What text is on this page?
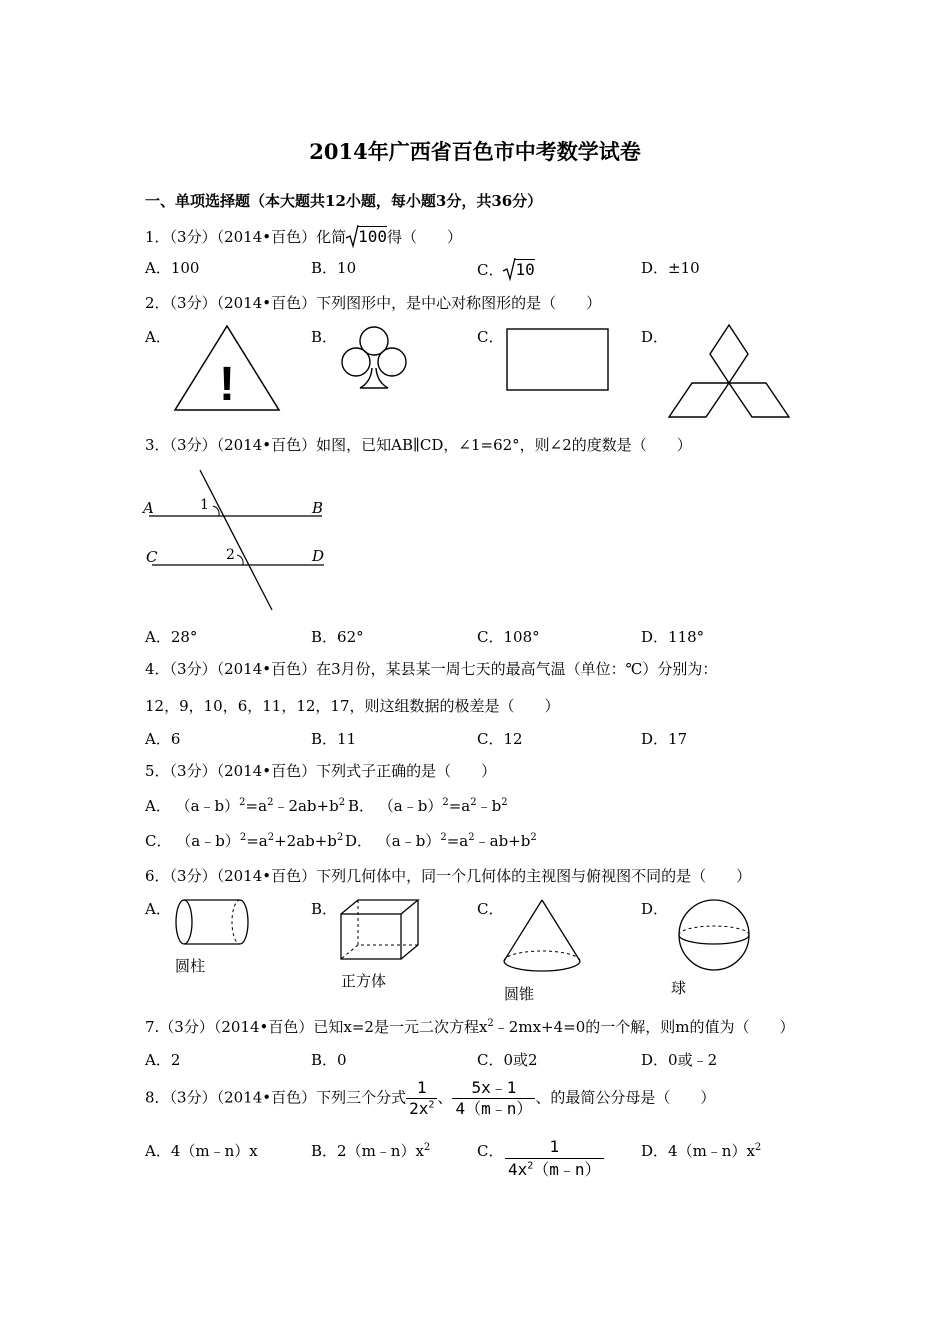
2014年广西省百色市中考数学试卷
一、单项选择题（本大题共12小题，每小题3分，共36分）
1．（3分）（2014•百色）化简 100得（　　）
A．100	B．10	C． 10	D．±10
2．（3分）（2014•百色）下列图形中，是中心对称图形的是（　　）
A．	B．	C．	D．
!
3．（3分）（2014•百色）如图，已知AB∥CD，∠1=62°，则∠2的度数是（　　）
A	B
C	D
1
2
A．28°	B．62°	C．108°	D．118°
4．（3分）（2014•百色）在3月份，某县某一周七天的最高气温（单位：℃）分别为：
12，9，10，6，11，12，17，则这组数据的极差是（　　）
A．6	B．11	C．12	D．17
5．（3分）（2014•百色）下列式子正确的是（　　）
A． $(a﹣b)^2=a^2﹣2ab+b^2$ B． $(a﹣b)^2=a^2﹣b^2$
C． $(a﹣b)^2=a^2+2ab+b^2$ D． $(a﹣b)^2=a^2﹣ab+b^2$
6．（3分）（2014•百色）下列几何体中，同一个几何体的主视图与俯视图不同的是（　　）
A．	B．	C．	D．
圆柱
正方体
圆锥	球
7.（3分）（2014•百色）已知x=2是一元二次方程$x^2﹣2mx+4=0$的一个解，则m的值为（　　）
A．2	B．0	C．0或2	D．0或﹣2
8．（3分）（2014•百色）下列三个分式 $\frac{1}{2x^2}$ 、 $\frac{5x﹣1}{4(m﹣n)}$ 、的最简公分母是（　　）
A．4（m﹣n）x	B．$2(m﹣n)x^2$	C． $\frac{1}{4x^2(m﹣n)}$ D．$4(m﹣n)x^2$
